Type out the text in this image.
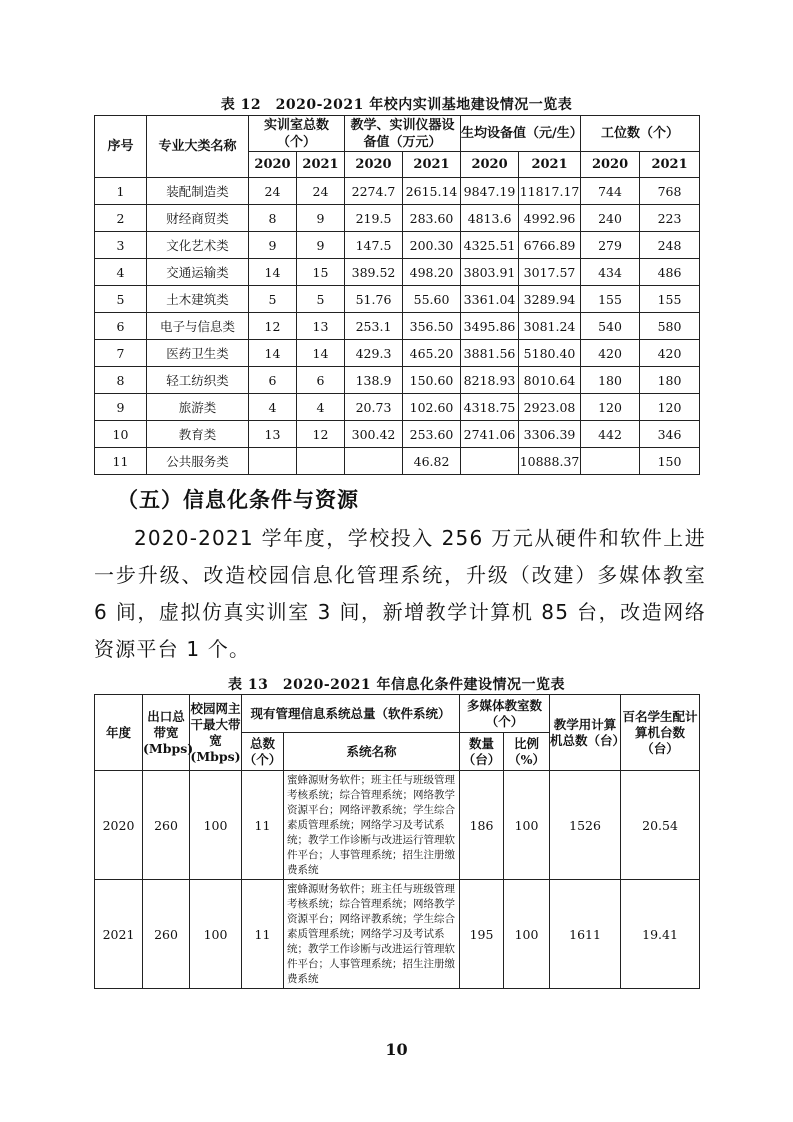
表 12　2020-2021 年校内实训基地建设情况一览表
序号	专业大类名称	实训室总数（个）		教学、实训仪器设备值（万元）		生均设备值（元/生）		工位数（个）	
		2020	2021	2020	2021	2020	2021	2020	2021
1	装配制造类	24	24	2274.7	2615.14	9847.19	11817.17	744	768
2	财经商贸类	8	9	219.5	283.60	4813.6	4992.96	240	223
3	文化艺术类	9	9	147.5	200.30	4325.51	6766.89	279	248
4	交通运输类	14	15	389.52	498.20	3803.91	3017.57	434	486
5	土木建筑类	5	5	51.76	55.60	3361.04	3289.94	155	155
6	电子与信息类	12	13	253.1	356.50	3495.86	3081.24	540	580
7	医药卫生类	14	14	429.3	465.20	3881.56	5180.40	420	420
8	轻工纺织类	6	6	138.9	150.60	8218.93	8010.64	180	180
9	旅游类	4	4	20.73	102.60	4318.75	2923.08	120	120
10	教育类	13	12	300.42	253.60	2741.06	3306.39	442	346
11	公共服务类				46.82		10888.37		150
（五）信息化条件与资源
2020-2021 学年度，学校投入 256 万元从硬件和软件上进一步升级、改造校园信息化管理系统，升级（改建）多媒体教室 6 间，虚拟仿真实训室 3 间，新增教学计算机 85 台，改造网络资源平台 1 个。
表 13　2020-2021 年信息化条件建设情况一览表
年度	出口总带宽(Mbps)	校园网主干最大带宽(Mbps)	现有管理信息系统总量（软件系统）		多媒体教室数（个）		教学用计算机总数（台）	百名学生配计算机台数（台）
			总数（个）	系统名称	数量（台）	比例（%）		
2020	260	100	11	蜜蜂源财务软件；班主任与班级管理考核系统；综合管理系统；网络教学资源平台；网络评教系统；学生综合素质管理系统；网络学习及考试系统；教学工作诊断与改进运行管理软件平台；人事管理系统；招生注册缴费系统	186	100	1526	20.54
2021	260	100	11	蜜蜂源财务软件；班主任与班级管理考核系统；综合管理系统；网络教学资源平台；网络评教系统；学生综合素质管理系统；网络学习及考试系统；教学工作诊断与改进运行管理软件平台；人事管理系统；招生注册缴费系统	195	100	1611	19.41
10
